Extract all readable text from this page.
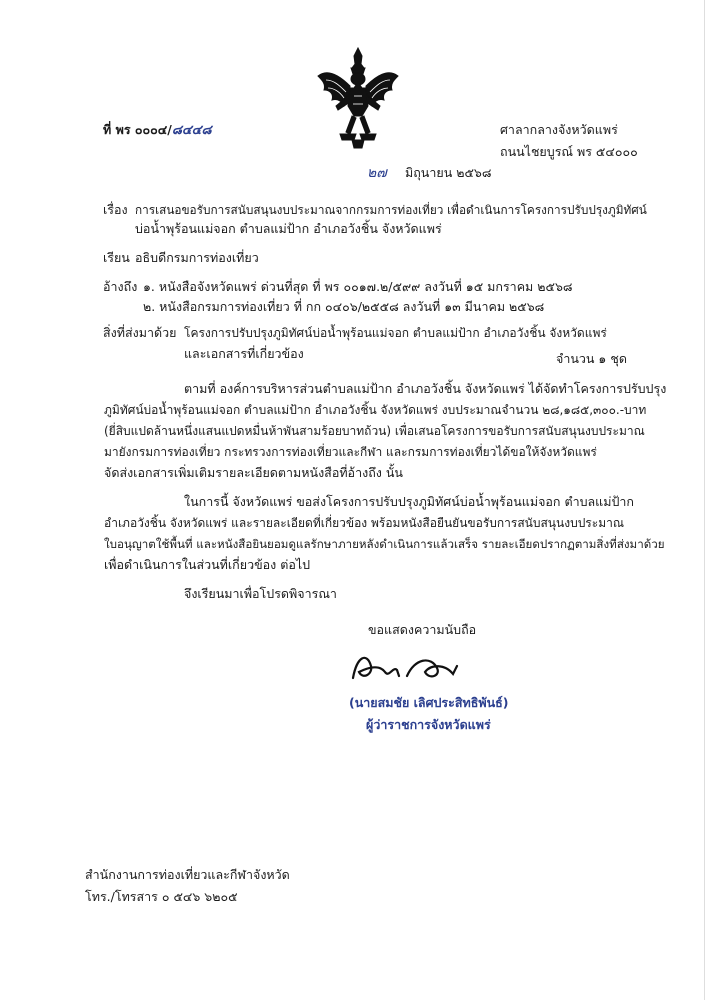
ที่ พร ๐๐๐๔/๘๔๔๘	ศาลากลางจังหวัดแพร่
ถนนไชยบูรณ์ พร ๕๔๐๐๐
๒๗ มิถุนายน ๒๕๖๘
เรื่อง การเสนอขอรับการสนับสนุนงบประมาณจากกรมการท่องเที่ยว เพื่อดำเนินการโครงการปรับปรุงภูมิทัศน์
บ่อน้ำพุร้อนแม่จอก ตำบลแม่ป้าก อำเภอวังชิ้น จังหวัดแพร่
เรียน อธิบดีกรมการท่องเที่ยว
อ้างถึง ๑. หนังสือจังหวัดแพร่ ด่วนที่สุด ที่ พร ๐๐๑๗.๒/๕๙๙ ลงวันที่ ๑๕ มกราคม ๒๕๖๘
๒. หนังสือกรมการท่องเที่ยว ที่ กก ๐๔๐๖/๒๕๕๘ ลงวันที่ ๑๓ มีนาคม ๒๕๖๘
สิ่งที่ส่งมาด้วย โครงการปรับปรุงภูมิทัศน์บ่อน้ำพุร้อนแม่จอก ตำบลแม่ป้าก อำเภอวังชิ้น จังหวัดแพร่
และเอกสารที่เกี่ยวข้อง	จำนวน ๑ ชุด
ตามที่ องค์การบริหารส่วนตำบลแม่ป้าก อำเภอวังชิ้น จังหวัดแพร่ ได้จัดทำโครงการปรับปรุง
ภูมิทัศน์บ่อน้ำพุร้อนแม่จอก ตำบลแม่ป้าก อำเภอวังชิ้น จังหวัดแพร่ งบประมาณจำนวน ๒๘,๑๘๕,๓๐๐.-บาท
(ยี่สิบแปดล้านหนึ่งแสนแปดหมื่นห้าพันสามร้อยบาทถ้วน) เพื่อเสนอโครงการขอรับการสนับสนุนงบประมาณ
มายังกรมการท่องเที่ยว กระทรวงการท่องเที่ยวและกีฬา และกรมการท่องเที่ยวได้ขอให้จังหวัดแพร่
จัดส่งเอกสารเพิ่มเติมรายละเอียดตามหนังสือที่อ้างถึง นั้น
ในการนี้ จังหวัดแพร่ ขอส่งโครงการปรับปรุงภูมิทัศน์บ่อน้ำพุร้อนแม่จอก ตำบลแม่ป้าก
อำเภอวังชิ้น จังหวัดแพร่ และรายละเอียดที่เกี่ยวข้อง พร้อมหนังสือยืนยันขอรับการสนับสนุนงบประมาณ
ใบอนุญาตใช้พื้นที่ และหนังสือยินยอมดูแลรักษาภายหลังดำเนินการแล้วเสร็จ รายละเอียดปรากฏตามสิ่งที่ส่งมาด้วย
เพื่อดำเนินการในส่วนที่เกี่ยวข้อง ต่อไป
จึงเรียนมาเพื่อโปรดพิจารณา
ขอแสดงความนับถือ
(นายสมชัย เลิศประสิทธิพันธ์)
ผู้ว่าราชการจังหวัดแพร่
สำนักงานการท่องเที่ยวและกีฬาจังหวัด
โทร./โทรสาร ๐ ๕๔๖ ๖๒๐๕
